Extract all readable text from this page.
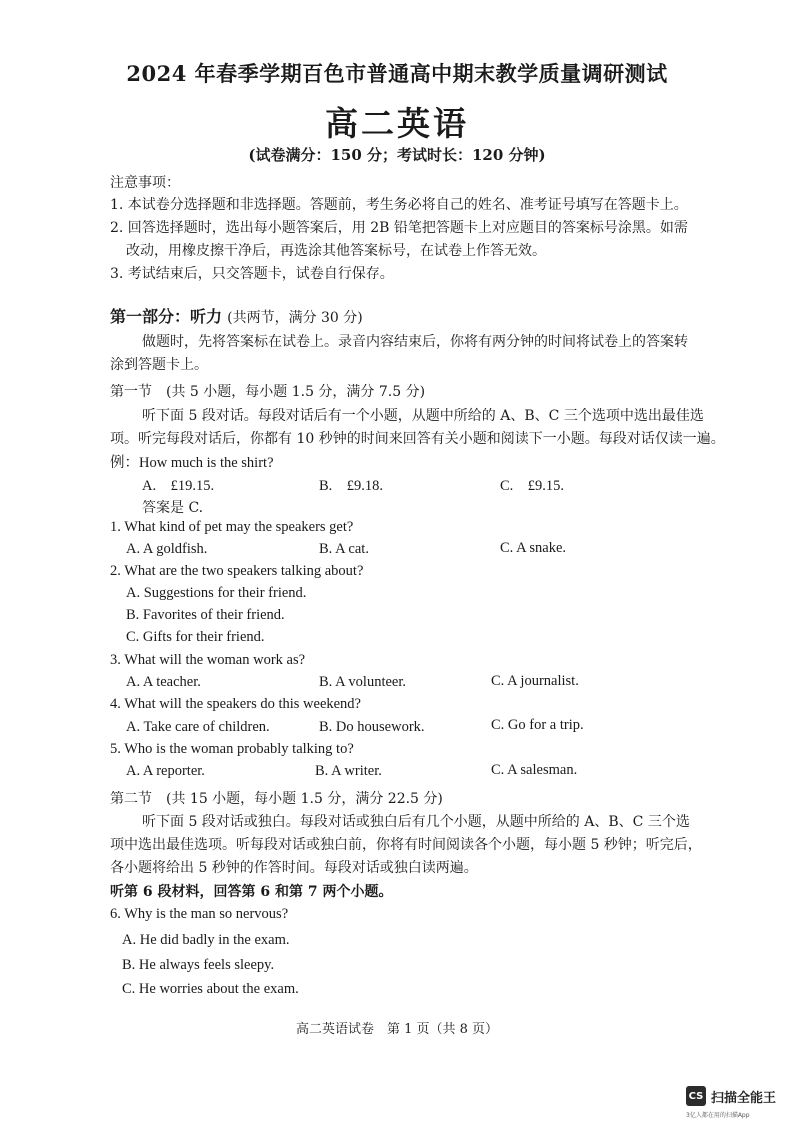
2024 年春季学期百色市普通高中期末教学质量调研测试
高二英语
(试卷满分：150 分；考试时长：120 分钟)
注意事项：
1. 本试卷分选择题和非选择题。答题前，考生务必将自己的姓名、准考证号填写在答题卡上。
2. 回答选择题时，选出每小题答案后，用 2B 铅笔把答题卡上对应题目的答案标号涂黑。如需
改动，用橡皮擦干净后，再选涂其他答案标号，在试卷上作答无效。
3. 考试结束后，只交答题卡，试卷自行保存。
第一部分：听力 (共两节，满分 30 分)
做题时，先将答案标在试卷上。录音内容结束后，你将有两分钟的时间将试卷上的答案转
涂到答题卡上。
第一节　(共 5 小题，每小题 1.5 分，满分 7.5 分)
听下面 5 段对话。每段对话后有一个小题，从题中所给的 A、B、C 三个选项中选出最佳选
项。听完每段对话后，你都有 10 秒钟的时间来回答有关小题和阅读下一小题。每段对话仅读一遍。
例：How much is the shirt?
A.　£19.15.	B.　£9.18.	C.　£9.15.
答案是 C.
1. What kind of pet may the speakers get?
A. A goldfish.	B. A cat.	C. A snake.
2. What are the two speakers talking about?
A. Suggestions for their friend.
B. Favorites of their friend.
C. Gifts for their friend.
3. What will the woman work as?
A. A teacher.	B. A volunteer.	C. A journalist.
4. What will the speakers do this weekend?
A. Take care of children.	B. Do housework.	C. Go for a trip.
5. Who is the woman probably talking to?
A. A reporter.	B. A writer.	C. A salesman.
第二节　(共 15 小题，每小题 1.5 分，满分 22.5 分)
听下面 5 段对话或独白。每段对话或独白后有几个小题，从题中所给的 A、B、C 三个选
项中选出最佳选项。听每段对话或独白前，你将有时间阅读各个小题，每小题 5 秒钟；听完后，
各小题将给出 5 秒钟的作答时间。每段对话或独白读两遍。
听第 6 段材料，回答第 6 和第 7 两个小题。
6. Why is the man so nervous?
A. He did badly in the exam.
B. He always feels sleepy.
C. He worries about the exam.
高二英语试卷　第 1 页（共 8 页）
CS 扫描全能王
3亿人都在用的扫描App
